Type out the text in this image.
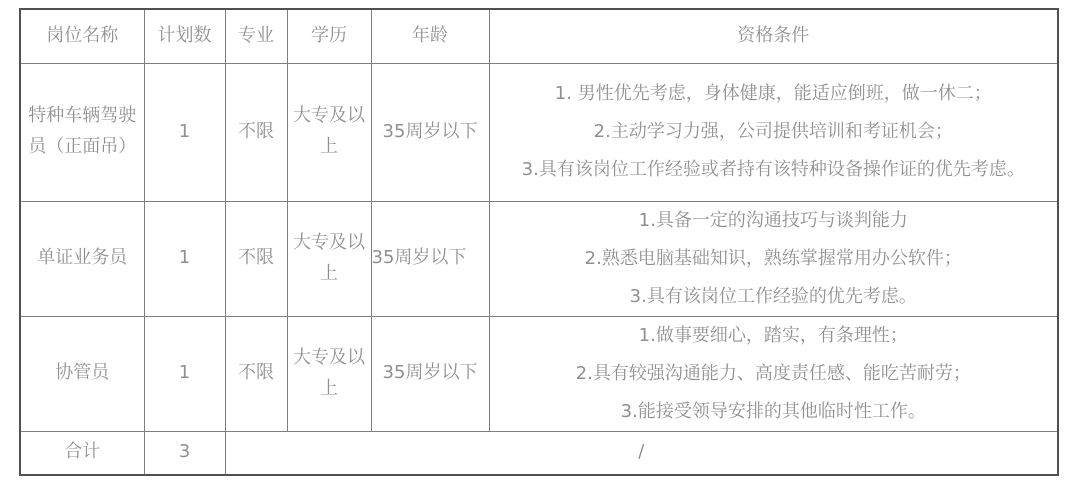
岗位名称	计划数	专业	学历	年龄	资格条件
特种车辆驾驶员（正面吊）	1	不限	大专及以上	35周岁以下	1. 男性优先考虑，身体健康，能适应倒班，做一休二；

2.主动学习力强，公司提供培训和考证机会；

3.具有该岗位工作经验或者持有该特种设备操作证的优先考虑。

单证业务员	1	不限	大专及以上	35周岁以下	1.具备一定的沟通技巧与谈判能力

2.熟悉电脑基础知识，熟练掌握常用办公软件；

3.具有该岗位工作经验的优先考虑。

协管员	1	不限	大专及以上	35周岁以下	1.做事要细心，踏实，有条理性；

2.具有较强沟通能力、高度责任感、能吃苦耐劳；

3.能接受领导安排的其他临时性工作。

合计	3	/			
